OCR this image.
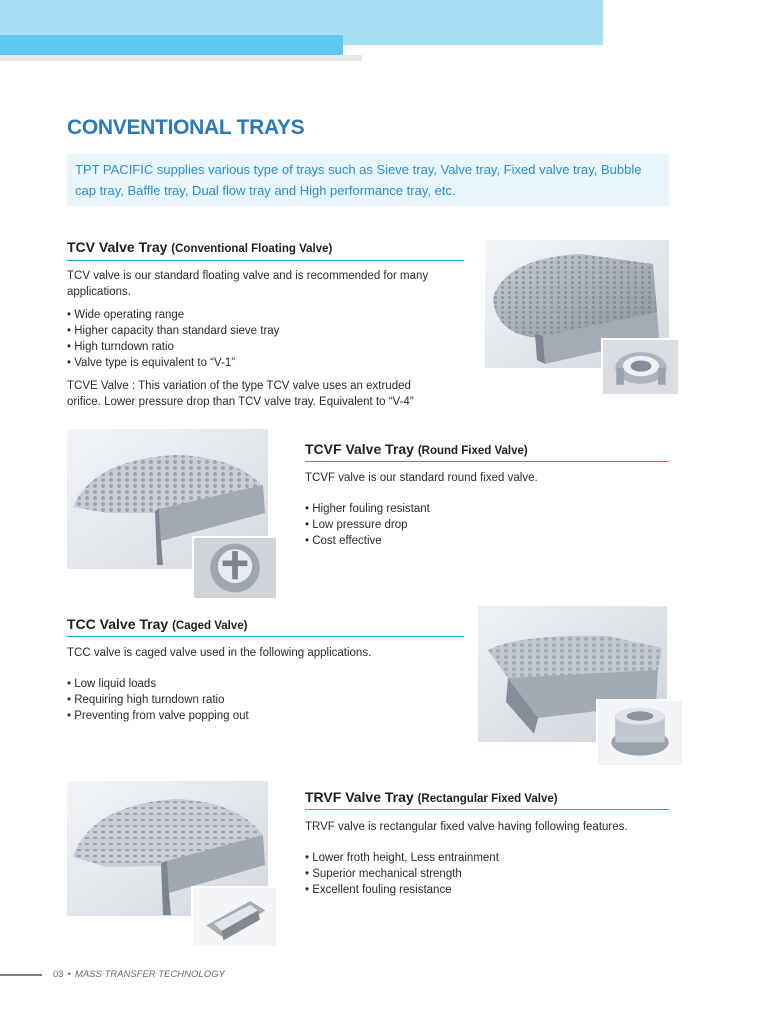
CONVENTIONAL TRAYS
TPT PACIFIC supplies various type of trays such as Sieve tray, Valve tray, Fixed valve tray, Bubble cap tray, Baffle tray, Dual flow tray and High performance tray, etc.
TCV Valve Tray (Conventional Floating Valve)

TCV valve is our standard floating valve and is recommended for many applications.

• Wide operating range
• Higher capacity than standard sieve tray
• High turndown ratio
• Valve type is equivalent to “V-1”

TCVE Valve : This variation of the type TCV valve uses an extruded orifice. Lower pressure drop than TCV valve tray. Equivalent to “V-4”

TCVF Valve Tray (Round Fixed Valve)

TCVF valve is our standard round fixed valve.

• Higher fouling resistant
• Low pressure drop
• Cost effective
TCC Valve Tray (Caged Valve)

TCC valve is caged valve used in the following applications.

• Low liquid loads
• Requiring high turndown ratio
• Preventing from valve popping out
TRVF Valve Tray (Rectangular Fixed Valve)

TRVF valve is rectangular fixed valve having following features.

• Lower froth height, Less entrainment
• Superior mechanical strength
• Excellent fouling resistance
03 • MASS TRANSFER TECHNOLOGY
